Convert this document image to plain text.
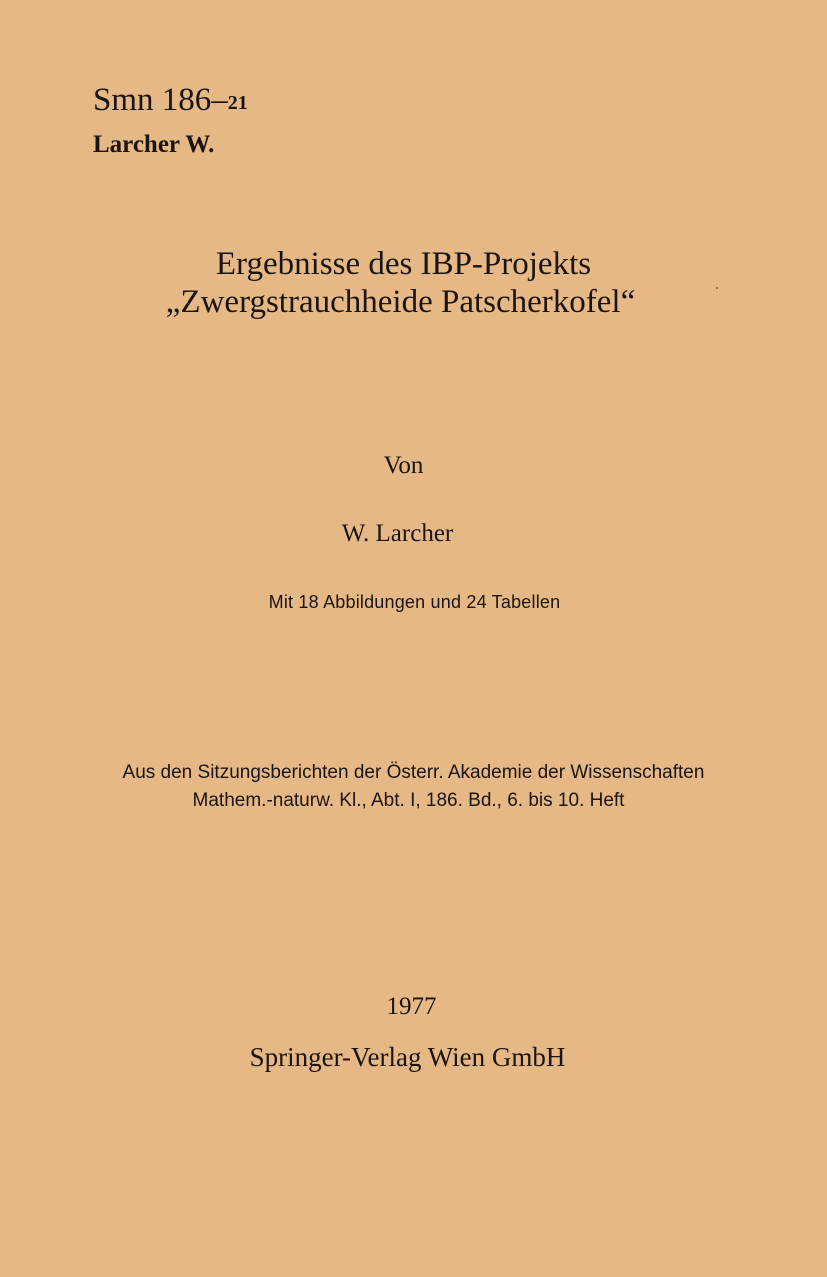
Smn 186–21
Larcher W.
Ergebnisse des IBP-Projekts
„Zwergstrauchheide Patscherkofel“
Von
W. Larcher
Mit 18 Abbildungen und 24 Tabellen
Aus den Sitzungsberichten der Österr. Akademie der Wissenschaften
Mathem.-naturw. Kl., Abt. I, 186. Bd., 6. bis 10. Heft
1977
Springer-Verlag Wien GmbH
